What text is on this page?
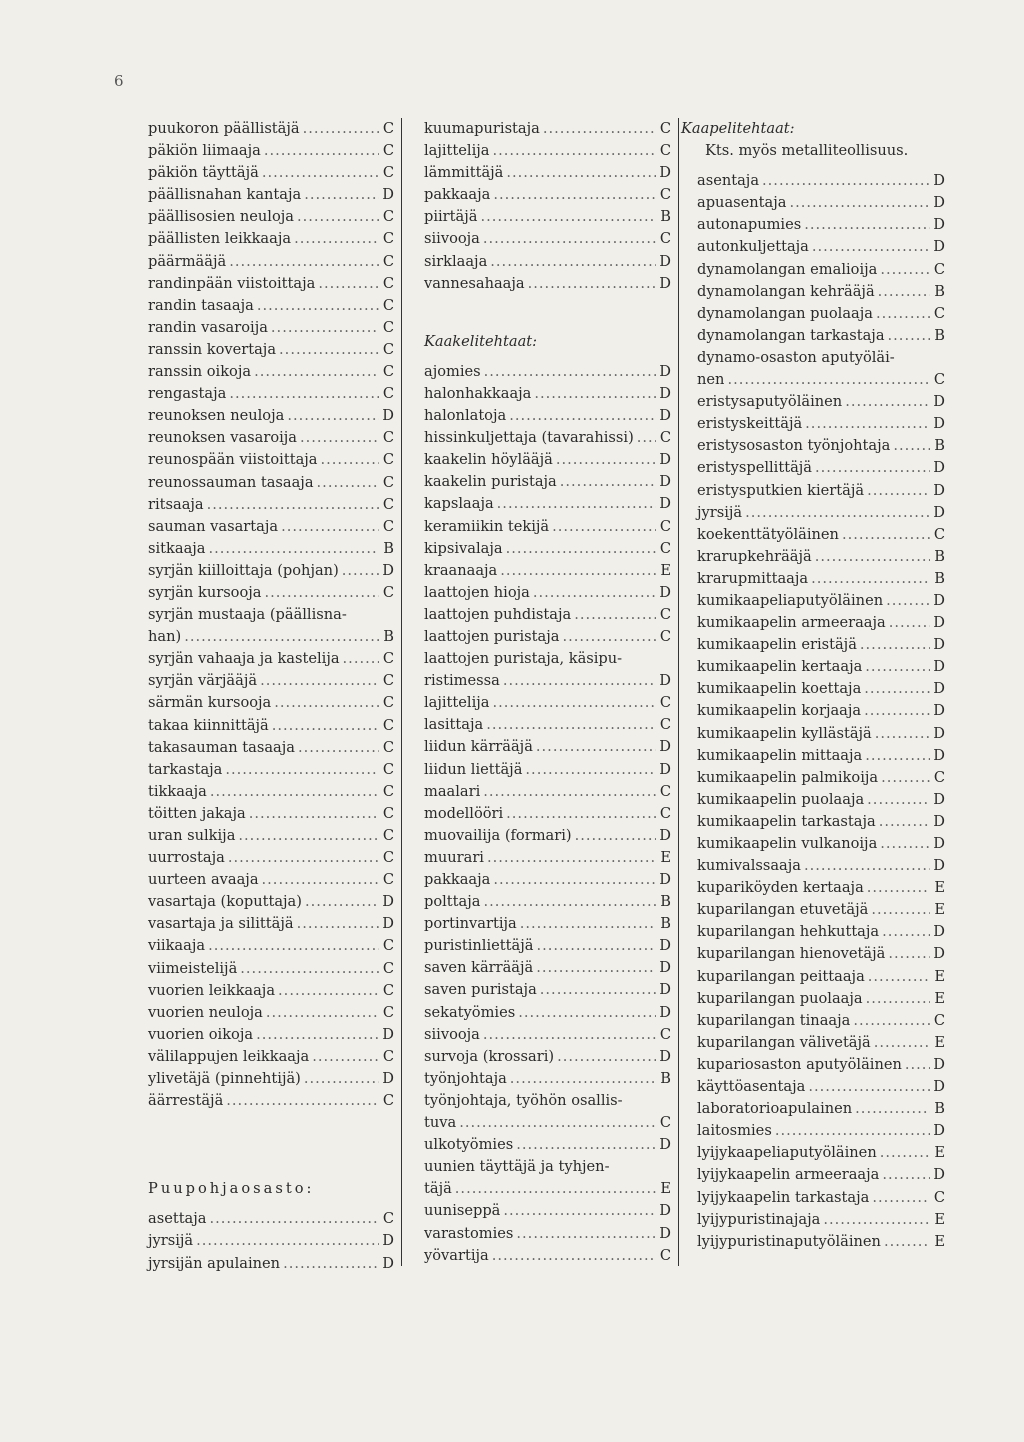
6
puukoron päällistäjä .....	C
päkiön liimaaja .....	C
päkiön täyttäjä .....	C
päällisnahan kantaja .....	D
päällisosien neuloja .....	C
päällisten leikkaaja .....	C
päärmääjä .....	C
randinpään viistoittaja .....	C
randin tasaaja .....	C
randin vasaroija .....	C
ranssin kovertaja .....	C
ranssin oikoja .....	C
rengastaja .....	C
reunoksen neuloja .....	D
reunoksen vasaroija .....	C
reunospään viistoittaja .....	C
reunossauman tasaaja .....	C
ritsaaja .....	C
sauman vasartaja .....	C
sitkaaja .....	B
syrjän kiilloittaja (pohjan) .....	D
syrjän kursooja .....	C
syrjän mustaaja (päällisna-
han) .....	B
syrjän vahaaja ja kastelija .....	C
syrjän värjääjä .....	C
särmän kursooja .....	C
takaa kiinnittäjä .....	C
takasauman tasaaja .....	C
tarkastaja .....	C
tikkaaja .....	C
töitten jakaja .....	C
uran sulkija .....	C
uurrostaja .....	C
uurteen avaaja .....	C
vasartaja (koputtaja) .....	D
vasartaja ja silittäjä .....	D
viikaaja .....	C
viimeistelijä .....	C
vuorien leikkaaja .....	C
vuorien neuloja .....	C
vuorien oikoja .....	D
välilappujen leikkaaja .....	C
ylivetäjä (pinnehtijä) .....	D
äärrestäjä .....	C
Puupohjaosasto:
asettaja .....	C
jyrsijä .....	D
jyrsijän apulainen .....	D
kuumapuristaja .....	C
lajittelija .....	C
lämmittäjä .....	D
pakkaaja .....	C
piirtäjä .....	B
siivooja .....	C
sirklaaja .....	D
vannesahaaja .....	D
Kaakelitehtaat:
ajomies .....	D
halonhakkaaja .....	D
halonlatoja .....	D
hissinkuljettaja (tavarahissi) ..... C
kaakelin höylääjä .....	D
kaakelin puristaja .....	D
kapslaaja .....	D
keramiikin tekijä .....	C
kipsivalaja .....	C
kraanaaja .....	E
laattojen hioja .....	D
laattojen puhdistaja .....	C
laattojen puristaja .....	C
laattojen puristaja, käsipu-
ristimessa .....	D
lajittelija .....	C
lasittaja .....	C
liidun kärrääjä .....	D
liidun liettäjä .....	D
maalari .....	C
modellööri .....	C
muovailija (formari) .....	D
muurari .....	E
pakkaaja .....	D
polttaja .....	B
portinvartija .....	B
puristinliettäjä .....	D
saven kärrääjä .....	D
saven puristaja .....	D
sekatyömies .....	D
siivooja .....	C
survoja (krossari) .....	D
työnjohtaja .....	B
työnjohtaja, työhön osallis-
tuva .....	C
ulkotyömies .....	D
uunien täyttäjä ja tyhjen-
täjä .....	E
uuniseppä .....	D
varastomies .....	D
yövartija .....	C
Kaapelitehtaat:
Kts. myös metalliteollisuus.
asentaja .....	D
apuasentaja .....	D
autonapumies .....	D
autonkuljettaja .....	D
dynamolangan emalioija .....	C
dynamolangan kehrääjä .....	B
dynamolangan puolaaja .....	C
dynamolangan tarkastaja .....	B
dynamo-osaston aputyöläi-
nen .....	C
eristysaputyöläinen .....	D
eristyskeittäjä .....	D
eristysosaston työnjohtaja .....	B
eristyspellittäjä .....	D
eristysputkien kiertäjä .....	D
jyrsijä .....	D
koekenttätyöläinen .....	C
krarupkehrääjä .....	B
krarupmittaaja .....	B
kumikaapeliaputyöläinen .....	D
kumikaapelin armeeraaja .....	D
kumikaapelin eristäjä .....	D
kumikaapelin kertaaja .....	D
kumikaapelin koettaja .....	D
kumikaapelin korjaaja .....	D
kumikaapelin kyllästäjä .....	D
kumikaapelin mittaaja .....	D
kumikaapelin palmikoija .....	C
kumikaapelin puolaaja .....	D
kumikaapelin tarkastaja .....	D
kumikaapelin vulkanoija .....	D
kumivalssaaja .....	D
kupariköyden kertaaja .....	E
kuparilangan etuvetäjä .....	E
kuparilangan hehkuttaja .....	D
kuparilangan hienovetäjä .....	D
kuparilangan peittaaja .....	E
kuparilangan puolaaja .....	E
kuparilangan tinaaja .....	C
kuparilangan välivetäjä .....	E
kupariosaston aputyöläinen ..... D
käyttöasentaja .....	D
laboratorioapulainen .....	B
laitosmies .....	D
lyijykaapeliaputyöläinen .....	E
lyijykaapelin armeeraaja .....	D
lyijykaapelin tarkastaja .....	C
lyijypuristinajaja .....	E
lyijypuristinaputyöläinen .....	E
